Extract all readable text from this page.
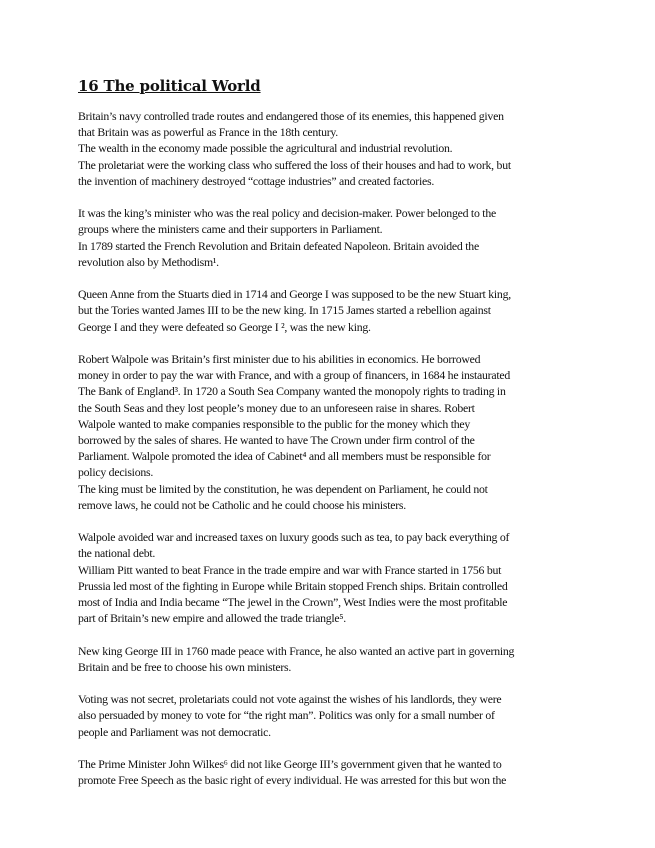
16 The political World

Britain’s navy controlled trade routes and endangered those of its enemies, this happened given
that Britain was as powerful as France in the 18th century.
The wealth in the economy made possible the agricultural and industrial revolution.
The proletariat were the working class who suffered the loss of their houses and had to work, but
the invention of machinery destroyed “cottage industries” and created factories.

It was the king’s minister who was the real policy and decision-maker. Power belonged to the
groups where the ministers came and their supporters in Parliament.
In 1789 started the French Revolution and Britain defeated Napoleon. Britain avoided the
revolution also by Methodism¹.

Queen Anne from the Stuarts died in 1714 and George I was supposed to be the new Stuart king,
but the Tories wanted James III to be the new king. In 1715 James started a rebellion against
George I and they were defeated so George I ², was the new king.

Robert Walpole was Britain’s first minister due to his abilities in economics. He borrowed
money in order to pay the war with France, and with a group of financers, in 1684 he instaurated
The Bank of England³. In 1720 a South Sea Company wanted the monopoly rights to trading in
the South Seas and they lost people’s money due to an unforeseen raise in shares. Robert
Walpole wanted to make companies responsible to the public for the money which they
borrowed by the sales of shares. He wanted to have The Crown under firm control of the
Parliament. Walpole promoted the idea of Cabinet⁴ and all members must be responsible for
policy decisions.
The king must be limited by the constitution, he was dependent on Parliament, he could not
remove laws, he could not be Catholic and he could choose his ministers.

Walpole avoided war and increased taxes on luxury goods such as tea, to pay back everything of
the national debt.
William Pitt wanted to beat France in the trade empire and war with France started in 1756 but
Prussia led most of the fighting in Europe while Britain stopped French ships. Britain controlled
most of India and India became “The jewel in the Crown”, West Indies were the most profitable
part of Britain’s new empire and allowed the trade triangle⁵.

New king George III in 1760 made peace with France, he also wanted an active part in governing
Britain and be free to choose his own ministers.

Voting was not secret, proletariats could not vote against the wishes of his landlords, they were
also persuaded by money to vote for “the right man”. Politics was only for a small number of
people and Parliament was not democratic.

The Prime Minister John Wilkes⁶ did not like George III’s government given that he wanted to
promote Free Speech as the basic right of every individual. He was arrested for this but won the
